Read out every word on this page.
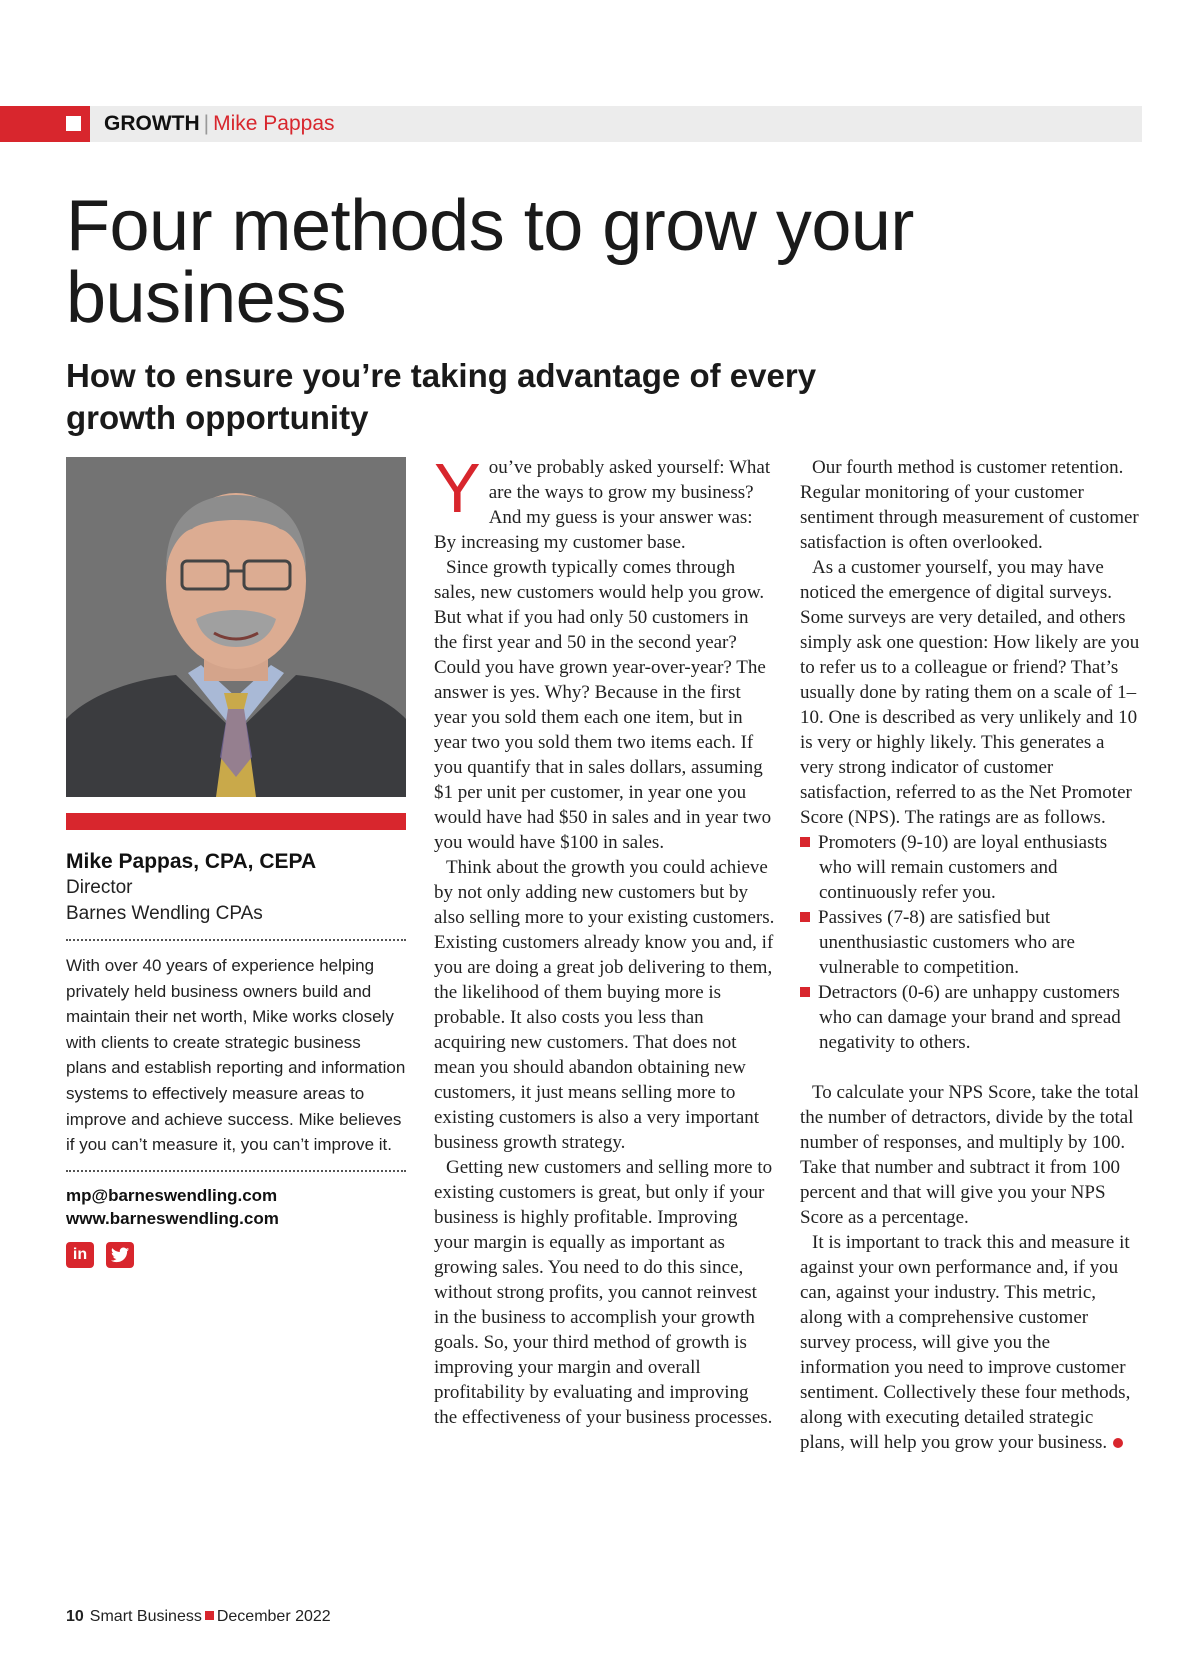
GROWTH | Mike Pappas
Four methods to grow your business
How to ensure you’re taking advantage of every growth opportunity
Mike Pappas, CPA, CEPA
Director
Barnes Wendling CPAs
With over 40 years of experience helping privately held business owners build and maintain their net worth, Mike works closely with clients to create strategic business plans and establish reporting and information systems to effectively measure areas to improve and achieve success. Mike believes if you can’t measure it, you can’t improve it.
mp@barneswendling.com
www.barneswendling.com
in

You’ve probably asked yourself: What are the ways to grow my business? And my guess is your answer was: By increasing my customer base.

Since growth typically comes through sales, new customers would help you grow. But what if you had only 50 customers in the first year and 50 in the second year? Could you have grown year-over-year? The answer is yes. Why? Because in the first year you sold them each one item, but in year two you sold them two items each. If you quantify that in sales dollars, assuming $1 per unit per customer, in year one you would have had $50 in sales and in year two you would have $100 in sales.

Think about the growth you could achieve by not only adding new customers but by also selling more to your existing customers. Existing customers already know you and, if you are doing a great job delivering to them, the likelihood of them buying more is probable. It also costs you less than acquiring new customers. That does not mean you should abandon obtaining new customers, it just means selling more to existing customers is also a very important business growth strategy.

Getting new customers and selling more to existing customers is great, but only if your business is highly profitable. Improving your margin is equally as important as growing sales. You need to do this since, without strong profits, you cannot reinvest in the business to accomplish your growth goals. So, your third method of growth is improving your margin and overall profitability by evaluating and improving the effectiveness of your business processes.

Our fourth method is customer retention. Regular monitoring of your customer sentiment through measurement of customer satisfaction is often overlooked.

As a customer yourself, you may have noticed the emergence of digital surveys. Some surveys are very detailed, and others simply ask one question: How likely are you to refer us to a colleague or friend? That’s usually done by rating them on a scale of 1–10. One is described as very unlikely and 10 is very or highly likely. This generates a very strong indicator of customer satisfaction, referred to as the Net Promoter Score (NPS). The ratings are as follows.

Promoters (9-10) are loyal enthusiasts who will remain customers and continuously refer you.

Passives (7-8) are satisfied but unenthusiastic customers who are vulnerable to competition.

Detractors (0-6) are unhappy customers who can damage your brand and spread negativity to others.

To calculate your NPS Score, take the total the number of detractors, divide by the total number of responses, and multiply by 100. Take that number and subtract it from 100 percent and that will give you your NPS Score as a percentage.

It is important to track this and measure it against your own performance and, if you can, against your industry. This metric, along with a comprehensive customer survey process, will give you the information you need to improve customer sentiment. Collectively these four methods, along with executing detailed strategic plans, will help you grow your business.

10 Smart Business December 2022
